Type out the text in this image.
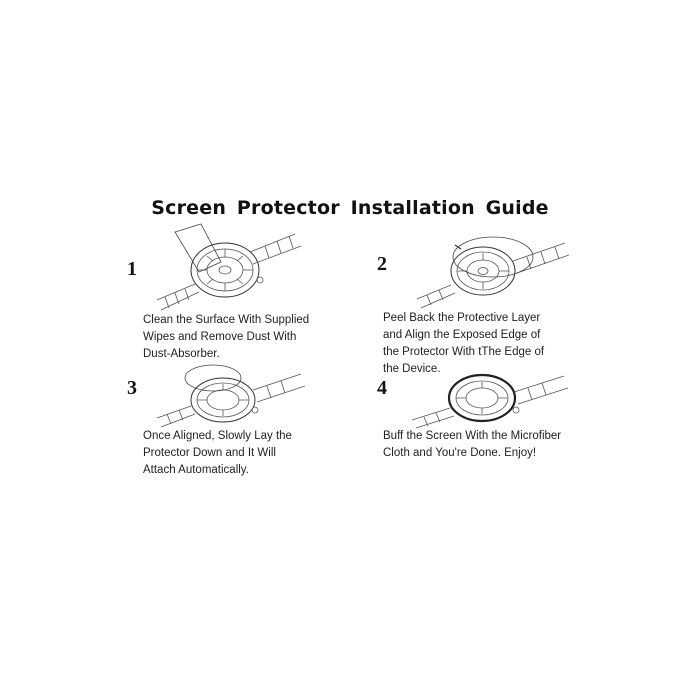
Screen Protector Installation Guide
1
Clean the Surface With Supplied
Wipes and Remove Dust With
Dust-Absorber.
2
Peel Back the Protective Layer
and Align the Exposed Edge of
the Protector With tThe Edge of
the Device.
3
Once Aligned, Slowly Lay the
Protector Down and It Will
Attach Automatically.
4
Buff the Screen With the Microfiber
Cloth and You're Done. Enjoy!
